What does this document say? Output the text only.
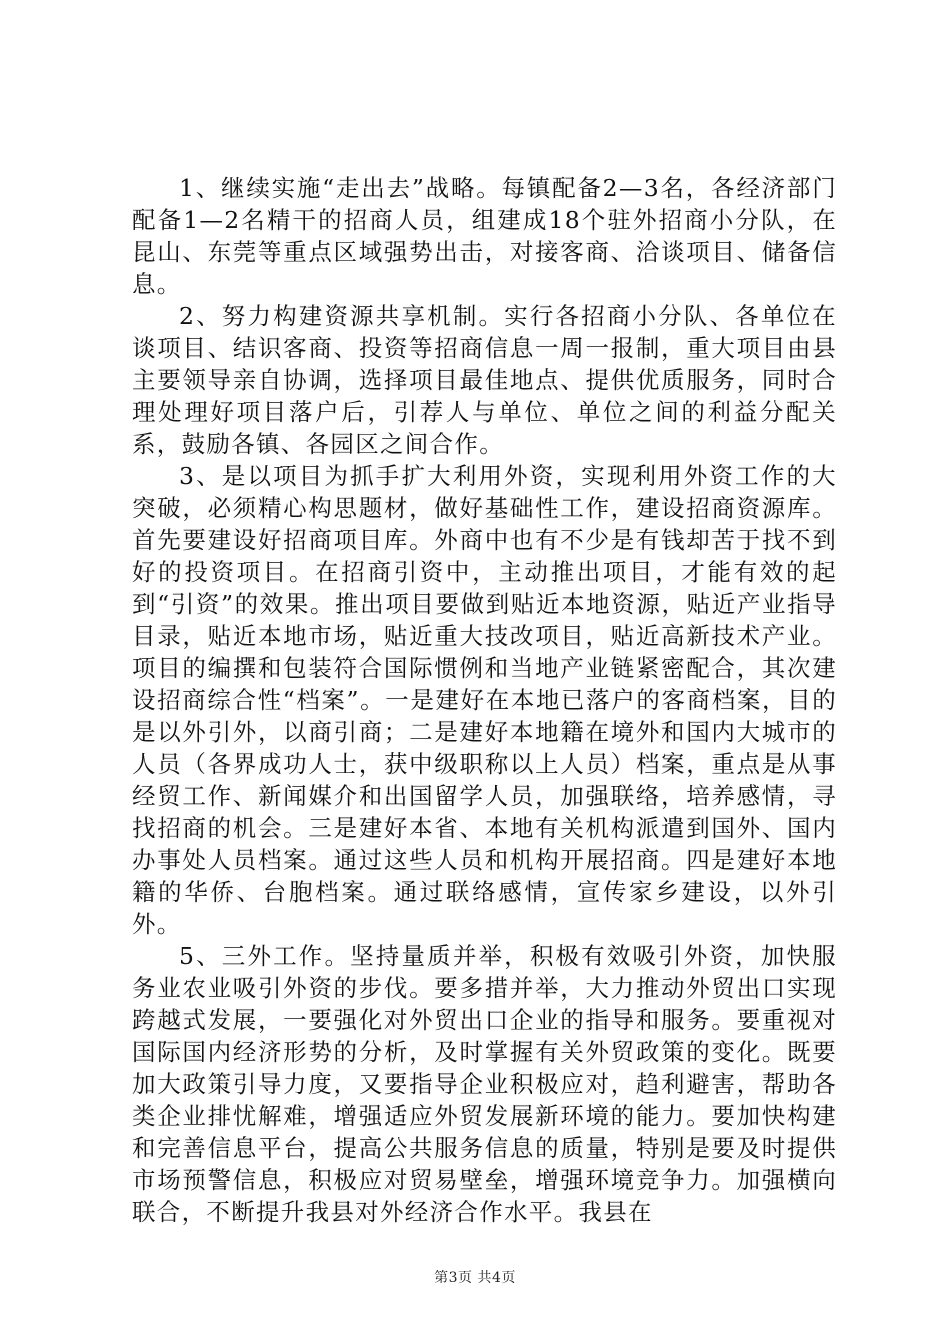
1、继续实施“走出去”战略。每镇配备2—3名，各经济部门配备1—2名精干的招商人员，组建成18个驻外招商小分队，在昆山、东莞等重点区域强势出击，对接客商、洽谈项目、储备信息。

2、努力构建资源共享机制。实行各招商小分队、各单位在谈项目、结识客商、投资等招商信息一周一报制，重大项目由县主要领导亲自协调，选择项目最佳地点、提供优质服务，同时合理处理好项目落户后，引荐人与单位、单位之间的利益分配关系，鼓励各镇、各园区之间合作。

3、是以项目为抓手扩大利用外资，实现利用外资工作的大突破，必须精心构思题材，做好基础性工作，建设招商资源库。首先要建设好招商项目库。外商中也有不少是有钱却苦于找不到好的投资项目。在招商引资中，主动推出项目，才能有效的起到“引资”的效果。推出项目要做到贴近本地资源，贴近产业指导目录，贴近本地市场，贴近重大技改项目，贴近高新技术产业。项目的编撰和包装符合国际惯例和当地产业链紧密配合，其次建设招商综合性“档案”。一是建好在本地已落户的客商档案，目的是以外引外，以商引商；二是建好本地籍在境外和国内大城市的人员（各界成功人士，获中级职称以上人员）档案，重点是从事经贸工作、新闻媒介和出国留学人员，加强联络，培养感情，寻找招商的机会。三是建好本省、本地有关机构派遣到国外、国内办事处人员档案。通过这些人员和机构开展招商。四是建好本地籍的华侨、台胞档案。通过联络感情，宣传家乡建设，以外引外。

5、三外工作。坚持量质并举，积极有效吸引外资，加快服务业农业吸引外资的步伐。要多措并举，大力推动外贸出口实现跨越式发展，一要强化对外贸出口企业的指导和服务。要重视对国际国内经济形势的分析，及时掌握有关外贸政策的变化。既要加大政策引导力度，又要指导企业积极应对，趋利避害，帮助各类企业排忧解难，增强适应外贸发展新环境的能力。要加快构建和完善信息平台，提高公共服务信息的质量，特别是要及时提供市场预警信息，积极应对贸易壁垒，增强环境竞争力。加强横向联合，不断提升我县对外经济合作水平。我县在

第3页 共4页
